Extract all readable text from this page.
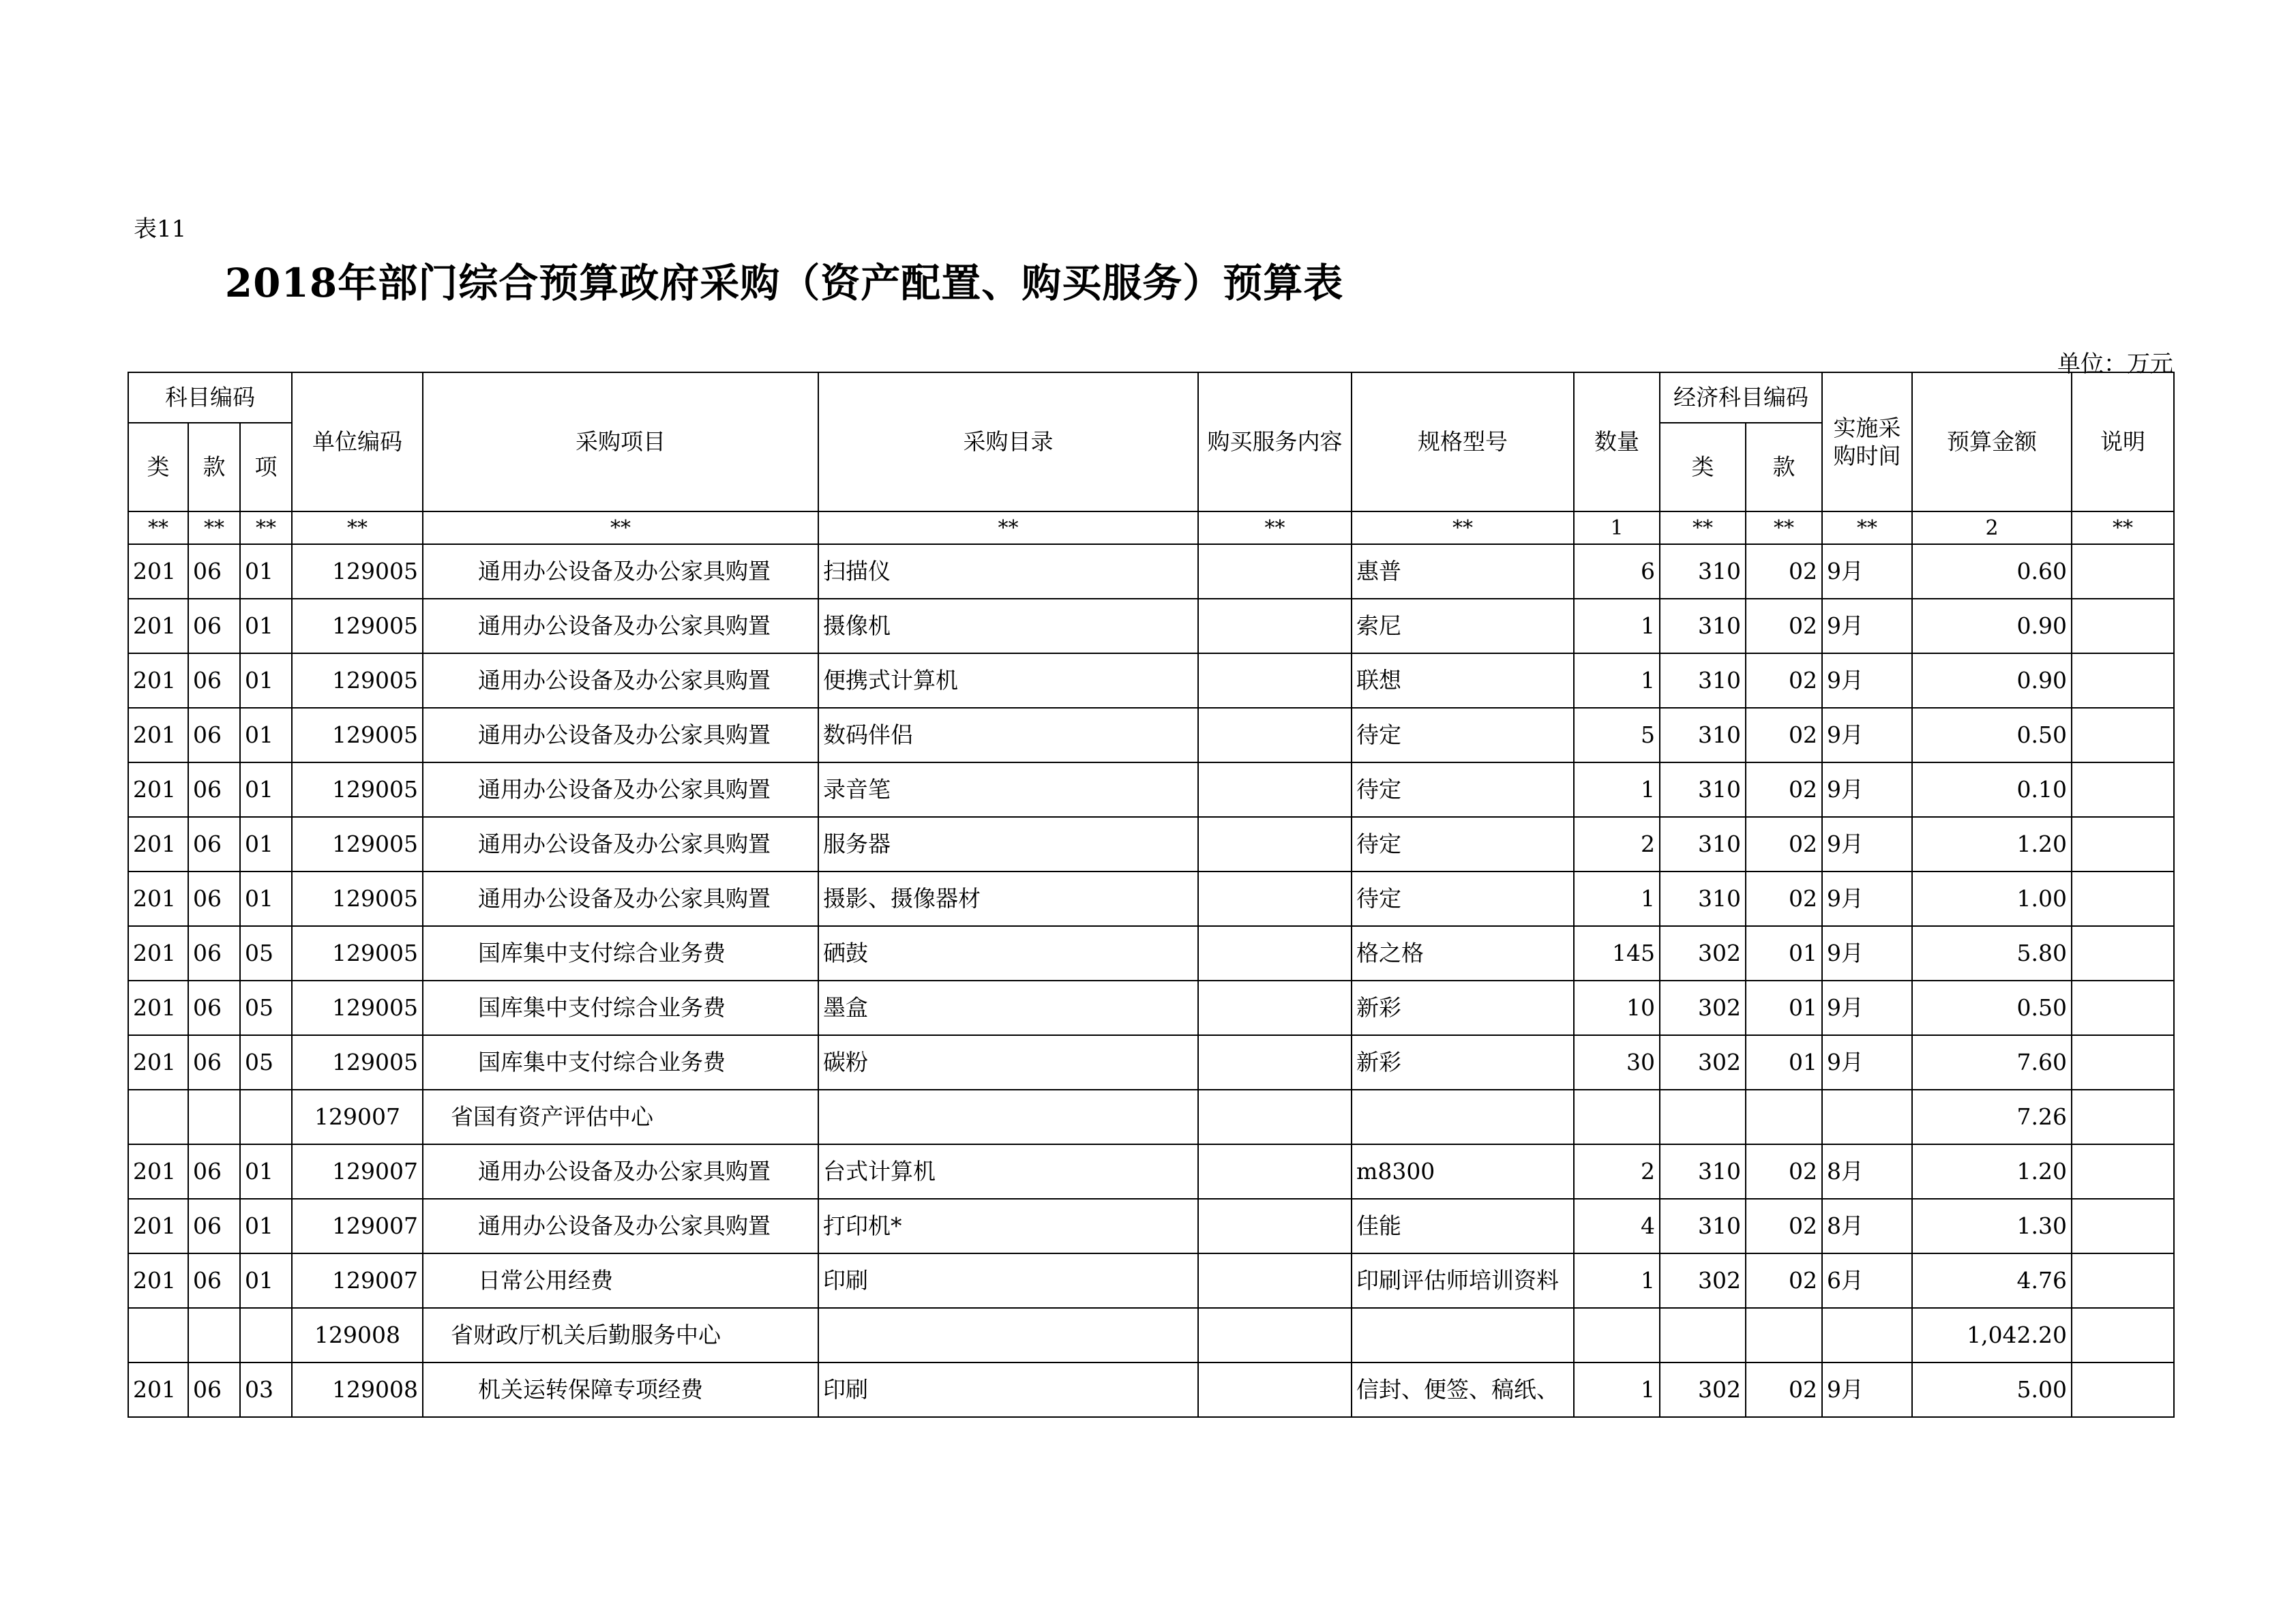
表11
2018年部门综合预算政府采购（资产配置、购买服务）预算表
单位：万元
科目编码			单位编码	采购项目	采购目录	购买服务内容	规格型号	数量	经济科目编码		实施采购时间	预算金额	说明
类	款	项							类	款			
**	**	**	**	**	**	**	**	1	**	**	**	2	**
201	06	01	129005	通用办公设备及办公家具购置	扫描仪		惠普	6	310	02	9月	0.60	
201	06	01	129005	通用办公设备及办公家具购置	摄像机		索尼	1	310	02	9月	0.90	
201	06	01	129005	通用办公设备及办公家具购置	便携式计算机		联想	1	310	02	9月	0.90	
201	06	01	129005	通用办公设备及办公家具购置	数码伴侣		待定	5	310	02	9月	0.50	
201	06	01	129005	通用办公设备及办公家具购置	录音笔		待定	1	310	02	9月	0.10	
201	06	01	129005	通用办公设备及办公家具购置	服务器		待定	2	310	02	9月	1.20	
201	06	01	129005	通用办公设备及办公家具购置	摄影、摄像器材		待定	1	310	02	9月	1.00	
201	06	05	129005	国库集中支付综合业务费	硒鼓		格之格	145	302	01	9月	5.80	
201	06	05	129005	国库集中支付综合业务费	墨盒		新彩	10	302	01	9月	0.50	
201	06	05	129005	国库集中支付综合业务费	碳粉		新彩	30	302	01	9月	7.60	
			129007	省国有资产评估中心								7.26	
201	06	01	129007	通用办公设备及办公家具购置	台式计算机		m8300	2	310	02	8月	1.20	
201	06	01	129007	通用办公设备及办公家具购置	打印机*		佳能	4	310	02	8月	1.30	
201	06	01	129007	日常公用经费	印刷		印刷评估师培训资料	1	302	02	6月	4.76	
			129008	省财政厅机关后勤服务中心								1,042.20	
201	06	03	129008	机关运转保障专项经费	印刷		信封、便签、稿纸、	1	302	02	9月	5.00	
